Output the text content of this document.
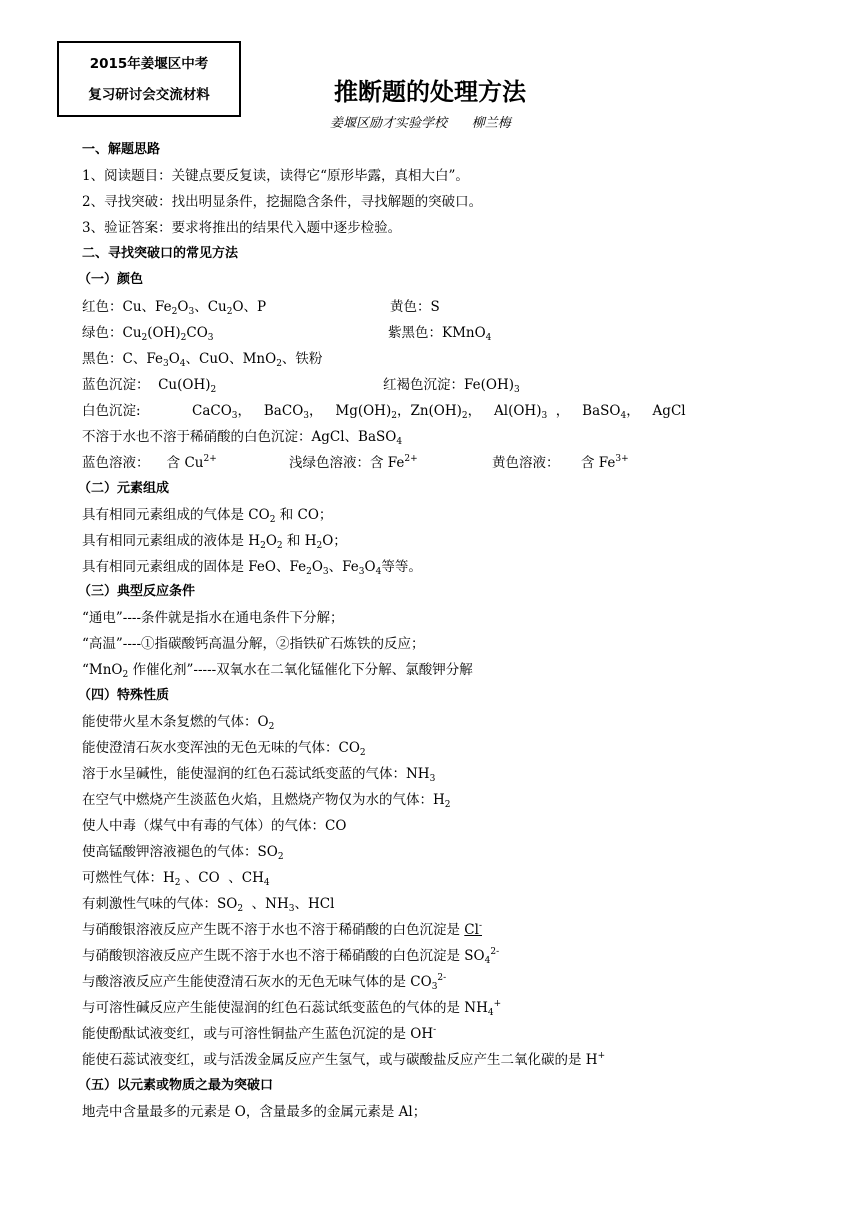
2015年姜堰区中考
复习研讨会交流材料	推断题的处理方法
姜堰区励才实验学校      柳兰梅
一、解题思路
1、阅读题目：关键点要反复读，读得它“原形毕露，真相大白”。
2、寻找突破：找出明显条件，挖掘隐含条件，寻找解题的突破口。
3、验证答案：要求将推出的结果代入题中逐步检验。
二、寻找突破口的常见方法
（一）颜色
红色：Cu、$Fe_2O_3$、$Cu_2O$、P	黄色：S
绿色：$Cu_2(OH)_2CO_3$	紫黑色：KMnO$_4$
黑色：C、$Fe_3O_4$、CuO、MnO$_2$、铁粉
蓝色沉淀：  $Cu(OH)_2$	红褐色沉淀：$Fe(OH)_3$
白色沉淀:	CaCO$_3$，   BaCO$_3$，   $Mg(OH)_2$，$Zn(OH)_2$，   $Al(OH)_3$  ，   BaSO$_4$，   AgCl
不溶于水也不溶于稀硝酸的白色沉淀：AgCl、BaSO$_4$
蓝色溶液：    含 $Cu^{2+}$	浅绿色溶液：含 $Fe^{2+}$	黄色溶液：     含 $Fe^{3+}$
（二）元素组成
具有相同元素组成的气体是 $CO_2$ 和 CO；
具有相同元素组成的液体是 $H_2O_2$ 和 $H_2O$；
具有相同元素组成的固体是 FeO、$Fe_2O_3$、$Fe_3O_4$等等。
（三）典型反应条件
“通电”----条件就是指水在通电条件下分解；
“高温”----①指碳酸钙高温分解，②指铁矿石炼铁的反应；
“MnO$_2$ 作催化剂”-----双氧水在二氧化锰催化下分解、氯酸钾分解
（四）特殊性质
能使带火星木条复燃的气体：$O_2$
能使澄清石灰水变浑浊的无色无味的气体：$CO_2$
溶于水呈碱性，能使湿润的红色石蕊试纸变蓝的气体：$NH_3$
在空气中燃烧产生淡蓝色火焰，且燃烧产物仅为水的气体：$H_2$
使人中毒（煤气中有毒的气体）的气体：CO
使高锰酸钾溶液褪色的气体：$SO_2$
可燃性气体：$H_2$ 、CO  、$CH_4$
有刺激性气味的气体：$SO_2$  、$NH_3$、HCl
与硝酸银溶液反应产生既不溶于水也不溶于稀硝酸的白色沉淀是 Cl-
与硝酸钡溶液反应产生既不溶于水也不溶于稀硝酸的白色沉淀是 $SO_4^{2-}$
与酸溶液反应产生能使澄清石灰水的无色无味气体的是 $CO_3^{2-}$
与可溶性碱反应产生能使湿润的红色石蕊试纸变蓝色的气体的是 $NH_4^+$
能使酚酞试液变红，或与可溶性铜盐产生蓝色沉淀的是 OH-
能使石蕊试液变红，或与活泼金属反应产生氢气，或与碳酸盐反应产生二氧化碳的是 H+
（五）以元素或物质之最为突破口
地壳中含量最多的元素是 O，含量最多的金属元素是 Al；
